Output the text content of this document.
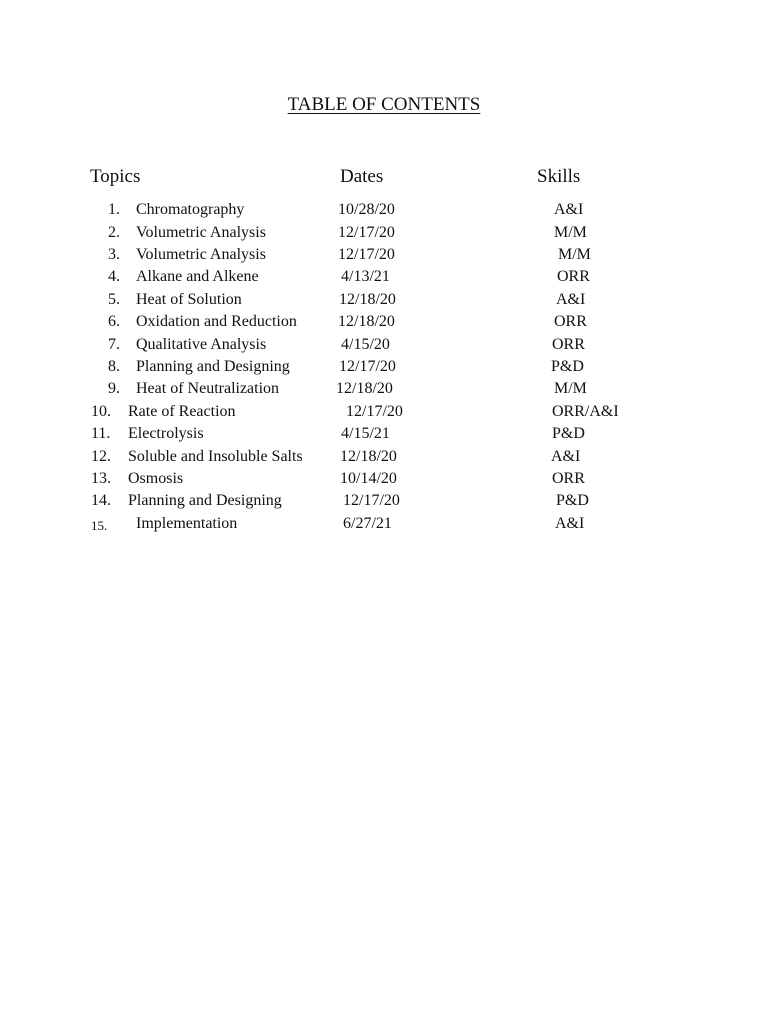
TABLE OF CONTENTS
Topics	Dates	Skills
1. Chromatography	10/28/20	A&I
2. Volumetric Analysis	12/17/20	M/M
3. Volumetric Analysis	12/17/20	M/M
4. Alkane and Alkene	4/13/21	ORR
5. Heat of Solution	12/18/20	A&I
6. Oxidation and Reduction	12/18/20	ORR
7. Qualitative Analysis	4/15/20	ORR
8. Planning and Designing	12/17/20	P&D
9. Heat of Neutralization	12/18/20	M/M
10. Rate of Reaction	12/17/20	ORR/A&I
11. Electrolysis	4/15/21	P&D
12. Soluble and Insoluble Salts 12/18/20	A&I
13. Osmosis	10/14/20	ORR
14. Planning and Designing	12/17/20	P&D
15. Implementation	6/27/21	A&I
